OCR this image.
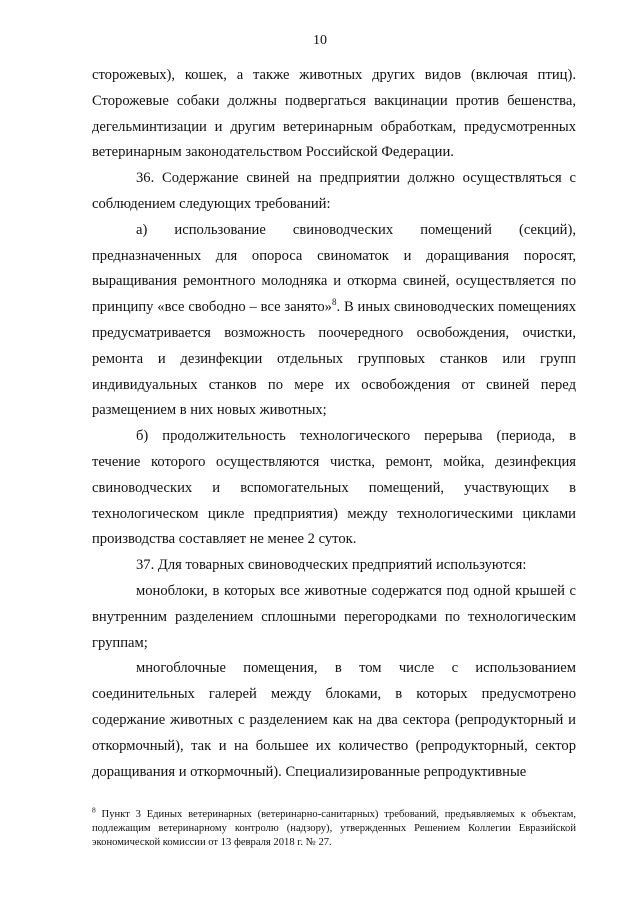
10

сторожевых), кошек, а также животных других видов (включая птиц). Сторожевые собаки должны подвергаться вакцинации против бешенства, дегельминтизации и другим ветеринарным обработкам, предусмотренных ветеринарным законодательством Российской Федерации.

36. Содержание свиней на предприятии должно осуществляться с соблюдением следующих требований:

а) использование свиноводческих помещений (секций), предназначенных для опороса свиноматок и доращивания поросят, выращивания ремонтного молодняка и откорма свиней, осуществляется по принципу «все свободно – все занято»$^8$. В иных свиноводческих помещениях предусматривается возможность поочередного освобождения, очистки, ремонта и дезинфекции отдельных групповых станков или групп индивидуальных станков по мере их освобождения от свиней перед размещением в них новых животных;

б) продолжительность технологического перерыва (периода, в течение которого осуществляются чистка, ремонт, мойка, дезинфекция свиноводческих и вспомогательных помещений, участвующих в технологическом цикле предприятия) между технологическими циклами производства составляет не менее 2 суток.

37. Для товарных свиноводческих предприятий используются:

моноблоки, в которых все животные содержатся под одной крышей с внутренним разделением сплошными перегородками по технологическим группам;

многоблочные помещения, в том числе с использованием соединительных галерей между блоками, в которых предусмотрено содержание животных с разделением как на два сектора (репродукторный и откормочный), так и на большее их количество (репродукторный, сектор доращивания и откормочный). Специализированные репродуктивные

$^8$ Пункт 3 Единых ветеринарных (ветеринарно-санитарных) требований, предъявляемых к объектам, подлежащим ветеринарному контролю (надзору), утвержденных Решением Коллегии Евразийской экономической комиссии от 13 февраля 2018 г. № 27.
